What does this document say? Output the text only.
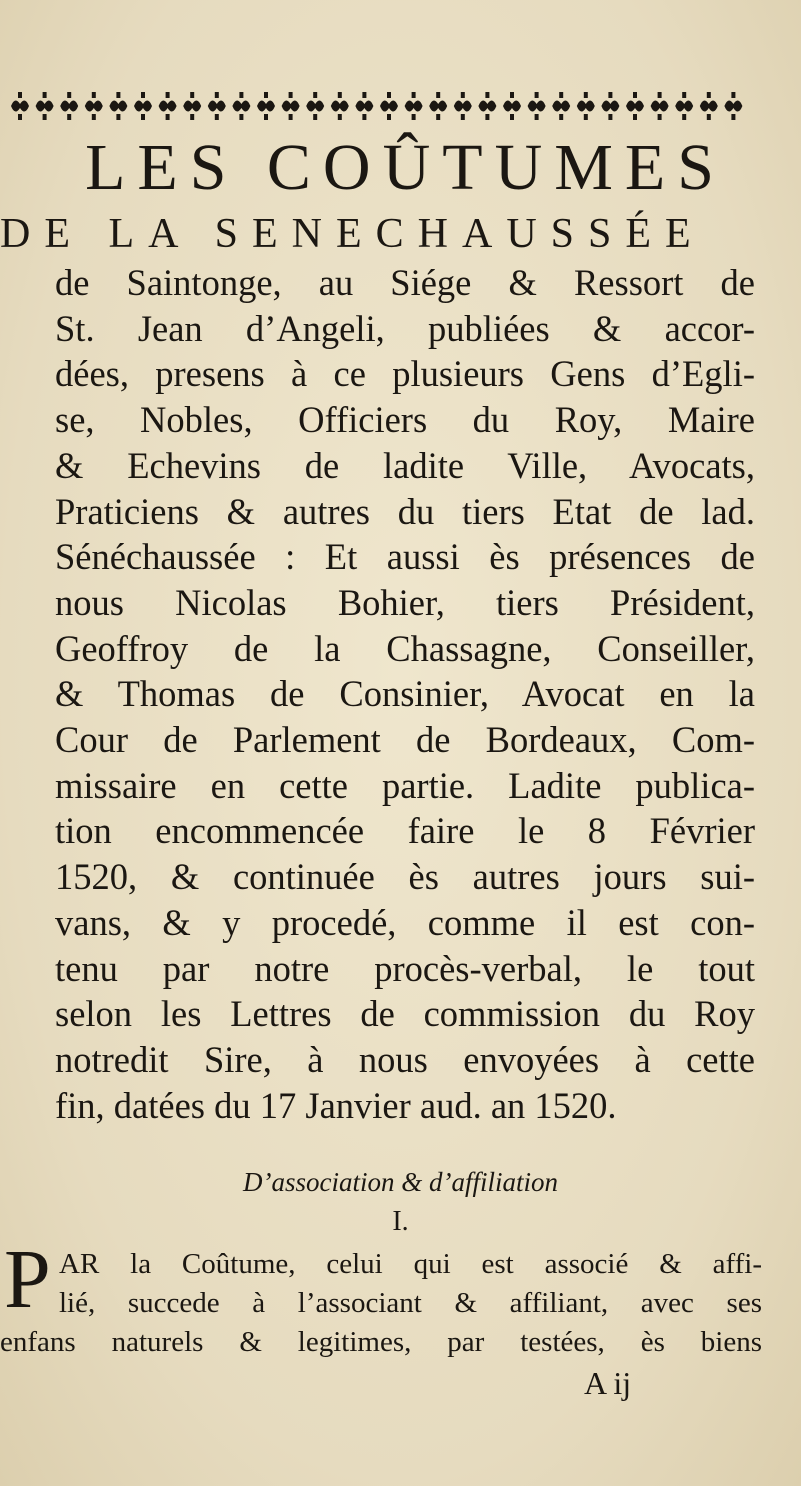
LES COÛTUMES
DE LA SENECHAUSSÉE
de Saintonge, au Siége & Ressort de
St. Jean d’Angeli, publiées & accor-
dées, presens à ce plusieurs Gens d’Egli-
se, Nobles, Officiers du Roy, Maire
& Echevins de ladite Ville, Avocats,
Praticiens & autres du tiers Etat de lad.
Sénéchaussée : Et aussi ès présences de
nous Nicolas Bohier, tiers Président,
Geoffroy de la Chassagne, Conseiller,
& Thomas de Consinier, Avocat en la
Cour de Parlement de Bordeaux, Com-
missaire en cette partie. Ladite publica-
tion encommencée faire le 8 Février
1520, & continuée ès autres jours sui-
vans, & y procedé, comme il est con-
tenu par notre procès-verbal, le tout
selon les Lettres de commission du Roy
notredit Sire, à nous envoyées à cette
fin, datées du 17 Janvier aud. an 1520.
D’association & d’affiliation
I.
P AR la Coûtume, celui qui est associé & affi-
lié, succede à l’associant & affiliant, avec ses
enfans naturels & legitimes, par testées, ès biens
A ij
